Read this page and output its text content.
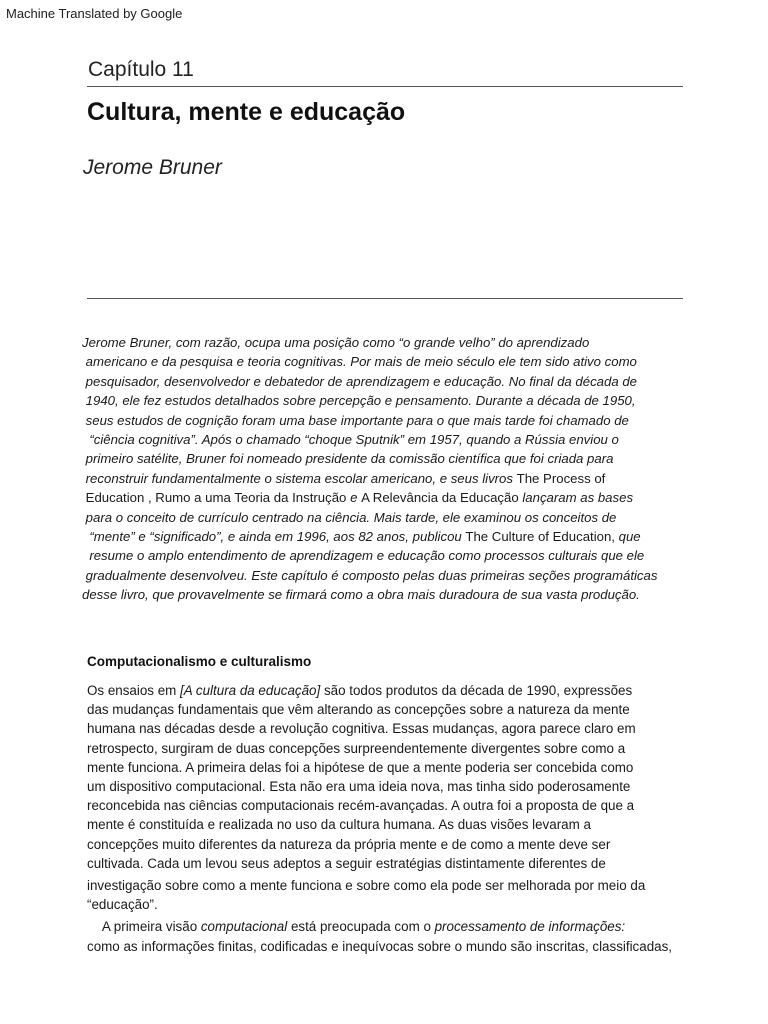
Machine Translated by Google
Capítulo 11
Cultura, mente e educação
Jerome Bruner
Jerome Bruner, com razão, ocupa uma posição como “o grande velho” do aprendizado
americano e da pesquisa e teoria cognitivas. Por mais de meio século ele tem sido ativo como
pesquisador, desenvolvedor e debatedor de aprendizagem e educação. No final da década de
1940, ele fez estudos detalhados sobre percepção e pensamento. Durante a década de 1950,
seus estudos de cognição foram uma base importante para o que mais tarde foi chamado de
“ciência cognitiva”. Após o chamado “choque Sputnik” em 1957, quando a Rússia enviou o
primeiro satélite, Bruner foi nomeado presidente da comissão científica que foi criada para
reconstruir fundamentalmente o sistema escolar americano, e seus livros The Process of
Education , Rumo a uma Teoria da Instrução e A Relevância da Educação lançaram as bases
para o conceito de currículo centrado na ciência. Mais tarde, ele examinou os conceitos de
“mente” e “significado”, e ainda em 1996, aos 82 anos, publicou The Culture of Education, que
resume o amplo entendimento de aprendizagem e educação como processos culturais que ele
gradualmente desenvolveu. Este capítulo é composto pelas duas primeiras seções programáticas
desse livro, que provavelmente se firmará como a obra mais duradoura de sua vasta produção.
Computacionalismo e culturalismo
Os ensaios em [A cultura da educação] são todos produtos da década de 1990, expressões
das mudanças fundamentais que vêm alterando as concepções sobre a natureza da mente
humana nas décadas desde a revolução cognitiva. Essas mudanças, agora parece claro em
retrospecto, surgiram de duas concepções surpreendentemente divergentes sobre como a
mente funciona. A primeira delas foi a hipótese de que a mente poderia ser concebida como
um dispositivo computacional. Esta não era uma ideia nova, mas tinha sido poderosamente
reconcebida nas ciências computacionais recém-avançadas. A outra foi a proposta de que a
mente é constituída e realizada no uso da cultura humana. As duas visões levaram a
concepções muito diferentes da natureza da própria mente e de como a mente deve ser
cultivada. Cada um levou seus adeptos a seguir estratégias distintamente diferentes de
investigação sobre como a mente funciona e sobre como ela pode ser melhorada por meio da
“educação”.
A primeira visão computacional está preocupada com o processamento de informações:
como as informações finitas, codificadas e inequívocas sobre o mundo são inscritas, classificadas,
